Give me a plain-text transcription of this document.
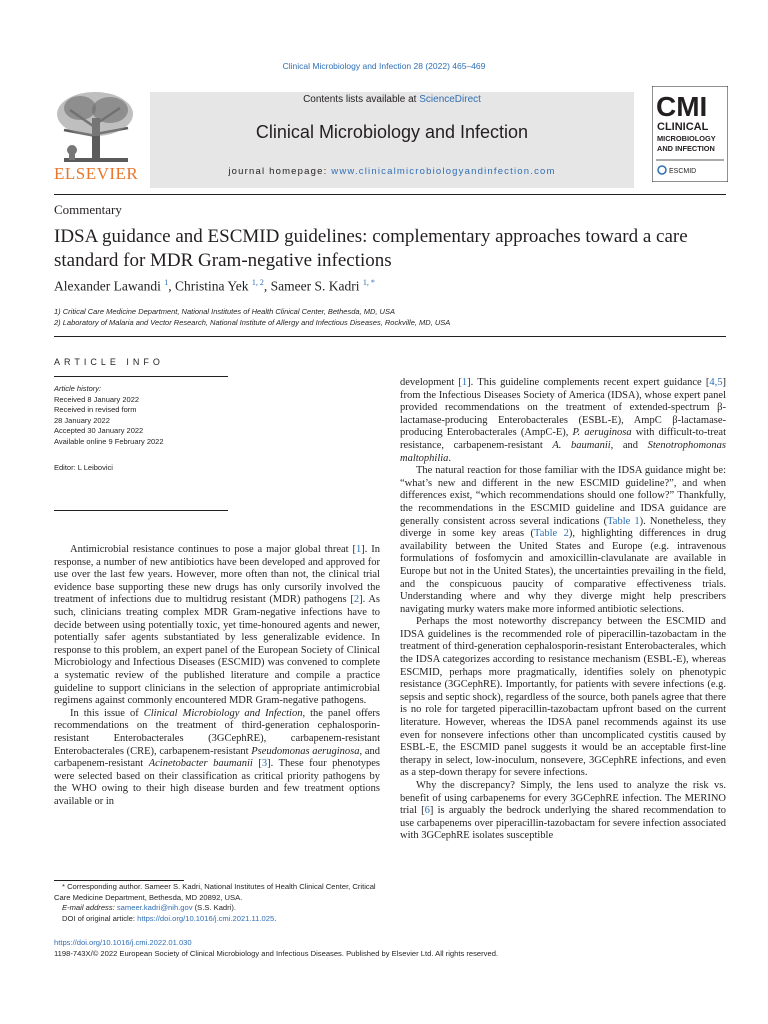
Clinical Microbiology and Infection 28 (2022) 465–469
ELSEVIER
Contents lists available at ScienceDirect
Clinical Microbiology and Infection
journal homepage: www.clinicalmicrobiologyandinfection.com
CMI
CLINICAL
MICROBIOLOGY
AND INFECTION
ESCMID
Commentary
IDSA guidance and ESCMID guidelines: complementary approaches toward a care standard for MDR Gram-negative infections
Alexander Lawandi $^1$, Christina Yek $^{1, 2}$, Sameer S. Kadri $^{1, *}$
1) Critical Care Medicine Department, National Institutes of Health Clinical Center, Bethesda, MD, USA
2) Laboratory of Malaria and Vector Research, National Institute of Allergy and Infectious Diseases, Rockville, MD, USA
ARTICLE INFO
Article history:
Received 8 January 2022
Received in revised form
28 January 2022
Accepted 30 January 2022
Available online 9 February 2022
Editor: L Leibovici

Antimicrobial resistance continues to pose a major global threat [1]. In response, a number of new antibiotics have been developed and approved for use over the last few years. However, more often than not, the clinical trial evidence base supporting these new drugs has only cursorily involved the treatment of infections due to multidrug resistant (MDR) pathogens [2]. As such, clinicians treating complex MDR Gram-negative infections have to decide between using potentially toxic, yet time-honoured agents and newer, potentially safer agents substantiated by less generalizable evidence. In response to this problem, an expert panel of the European Society of Clinical Microbiology and Infectious Diseases (ESCMID) was convened to complete a systematic review of the published literature and compile a practice guideline to support clinicians in the selection of appropriate antimicrobial regimens against commonly encountered MDR Gram-negative pathogens.

In this issue of Clinical Microbiology and Infection, the panel offers recommendations on the treatment of third-generation cephalosporin-resistant Enterobacterales (3GCephRE), carbapenem-resistant Enterobacterales (CRE), carbapenem-resistant Pseudomonas aeruginosa, and carbapenem-resistant Acinetobacter baumanii [3]. These four phenotypes were selected based on their classification as critical priority pathogens by the WHO owing to their high disease burden and few treatment options available or in

development [1]. This guideline complements recent expert guidance [4,5] from the Infectious Diseases Society of America (IDSA), whose expert panel provided recommendations on the treatment of extended-spectrum β-lactamase-producing Enterobacterales (ESBL-E), AmpC β-lactamase-producing Enterobacterales (AmpC-E), P. aeruginosa with difficult-to-treat resistance, carbapenem-resistant A. baumanii, and Stenotrophomonas maltophilia.

The natural reaction for those familiar with the IDSA guidance might be: “what’s new and different in the new ESCMID guideline?”, and when differences exist, “which recommendations should one follow?” Thankfully, the recommendations in the ESCMID guideline and IDSA guidance are generally consistent across several indications (Table 1). Nonetheless, they diverge in some key areas (Table 2), highlighting differences in drug availability between the United States and Europe (e.g. intravenous formulations of fosfomycin and amoxicillin-clavulanate are available in Europe but not in the United States), the uncertainties prevailing in the field, and the conspicuous paucity of comparative effectiveness trials. Understanding where and why they diverge might help prescribers navigating murky waters make more informed antibiotic selections.

Perhaps the most noteworthy discrepancy between the ESCMID and IDSA guidelines is the recommended role of piperacillin-tazobactam in the treatment of third-generation cephalosporin-resistant Enterobacterales, which the IDSA categorizes according to resistance mechanism (ESBL-E), whereas ESCMID, perhaps more pragmatically, identifies solely on phenotypic resistance (3GCephRE). Importantly, for patients with severe infections (e.g. sepsis and septic shock), regardless of the source, both panels agree that there is no role for targeted piperacillin-tazobactam upfront based on the current literature. However, whereas the IDSA panel recommends against its use even for nonsevere infections other than uncomplicated cystitis caused by ESBL-E, the ESCMID panel suggests it would be an acceptable first-line therapy in select, low-inoculum, nonsevere, 3GCephRE infections, and even as a step-down therapy for severe infections.

Why the discrepancy? Simply, the lens used to analyze the risk vs. benefit of using carbapenems for every 3GCephRE infection. The MERINO trial [6] is arguably the bedrock underlying the shared recommendation to use carbapenems over piperacillin-tazobactam for severe infection associated with 3GCephRE isolates susceptible

* Corresponding author. Sameer S. Kadri, National Institutes of Health Clinical Center, Critical Care Medicine Department, Bethesda, MD 20892, USA.

E-mail address: sameer.kadri@nih.gov (S.S. Kadri).

DOI of original article: https://doi.org/10.1016/j.cmi.2021.11.025.

https://doi.org/10.1016/j.cmi.2022.01.030
1198-743X/© 2022 European Society of Clinical Microbiology and Infectious Diseases. Published by Elsevier Ltd. All rights reserved.
